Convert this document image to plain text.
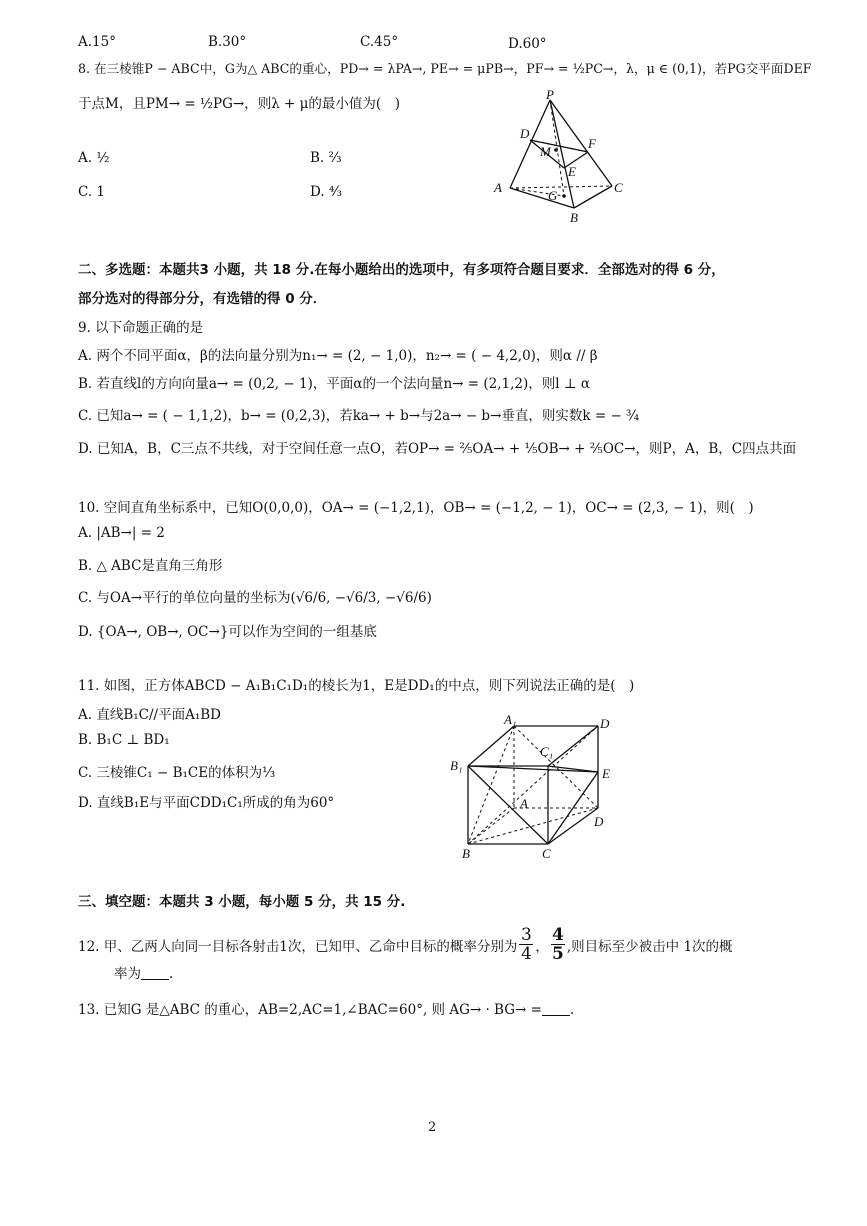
A.15°	B.30°	C.45°	D.60°
8. 在三棱锥P − ABC中，G为△ ABC的重心，PD→ = λPA→, PE→ = μPB→，PF→ = ½PC→，λ，μ ∈ (0,1)，若PG交平面DEF
于点M，且PM→ = ½PG→，则λ + μ的最小值为(　)
A. ½	B. ⅔
C. 1	D. ⁴⁄₃
P
D
M
F
E
A
G
C
B
二、多选题：本题共3 小题，共 18 分.在每小题给出的选项中，有多项符合题目要求．全部选对的得 6 分，
部分选对的得部分分，有选错的得 0 分．
9. 以下命题正确的是
A. 两个不同平面α，β的法向量分别为n₁→ = (2, − 1,0)，n₂→ = ( − 4,2,0)，则α // β
B. 若直线l的方向向量a→ = (0,2, − 1)，平面α的一个法向量n→ = (2,1,2)，则l ⊥ α
C. 已知a→ = ( − 1,1,2)，b→ = (0,2,3)，若ka→ + b→与2a→ − b→垂直，则实数k = − ¾
D. 已知A，B，C三点不共线，对于空间任意一点O，若OP→ = ⅖OA→ + ⅕OB→ + ⅖OC→，则P，A，B，C四点共面
10. 空间直角坐标系中，已知O(0,0,0)，OA→ = (−1,2,1)，OB→ = (−1,2, − 1)，OC→ = (2,3, − 1)，则(　)
A. |AB→| = 2
B. △ ABC是直角三角形
C. 与OA→平行的单位向量的坐标为(√6/6, −√6/3, −√6/6)
D. {OA→, OB→, OC→}可以作为空间的一组基底
11. 如图，正方体ABCD − A₁B₁C₁D₁的棱长为1，E是DD₁的中点，则下列说法正确的是(　)
A. 直线B₁C//平面A₁BD
B. B₁C ⊥ BD₁
C. 三棱锥C₁ − B₁CE的体积为⅓
D. 直线B₁E与平面CDD₁C₁所成的角为60°
A₁	D
C₁
B₁
E
A
D
B	C
三、填空题：本题共 3 小题，每小题 5 分，共 15 分.
12. 甲、乙两人向同一目标各射击1次，已知甲、乙命中目标的概率分别为
3
4 ，
4
5 ,则目标至少被击中 1次的概
率为 .
13. 已知G 是△ABC 的重心，AB=2,AC=1,∠BAC=60°, 则 AG→ · BG→ = .
2
